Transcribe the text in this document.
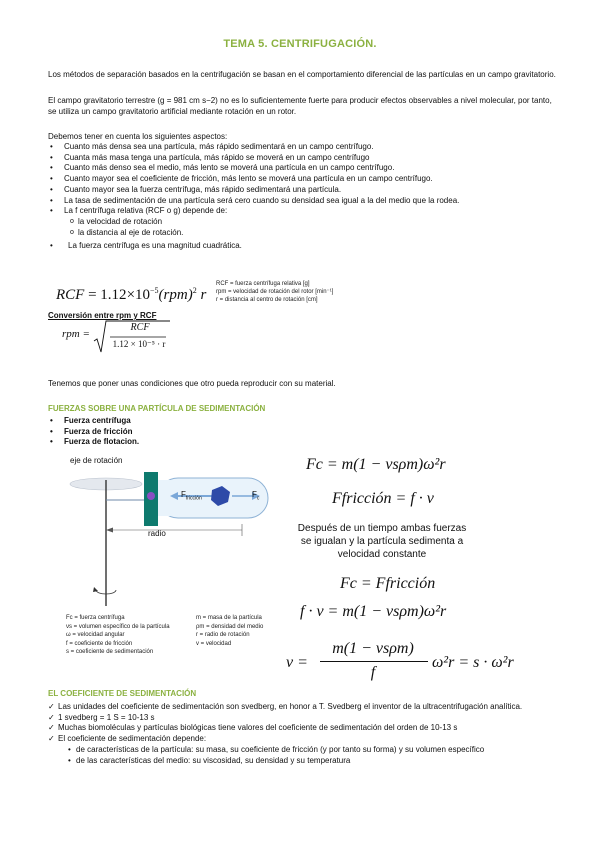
TEMA 5. CENTRIFUGACIÓN.
Los métodos de separación basados en la centrifugación se basan en el comportamiento diferencial de las partículas en un campo gravitatorio.
El campo gravitatorio terrestre (g = 981 cm s−2) no es lo suficientemente fuerte para producir efectos observables a nivel molecular, por tanto, se utiliza un campo gravitatorio artificial mediante rotación en un rotor.
Debemos tener en cuenta los siguientes aspectos:
• Cuanto más densa sea una partícula, más rápido sedimentará en un campo centrífugo.
• Cuanta más masa tenga una partícula, más rápido se moverá en un campo centrífugo
• Cuanto más denso sea el medio, más lento se moverá una partícula en un campo centrífugo.
• Cuanto mayor sea el coeficiente de fricción, más lento se moverá una partícula en un campo centrífugo.
• Cuanto mayor sea la fuerza centrífuga, más rápido sedimentará una partícula.
• La tasa de sedimentación de una partícula será cero cuando su densidad sea igual a la del medio que la rodea.
• La f centrífuga relativa (RCF o g) depende de:
o la velocidad de rotación
o la distancia al eje de rotación.
• La fuerza centrífuga es una magnitud cuadrática.
RCF = $1.12\times 10^{-5}(rpm)^2$ r
RCF = fuerza centrífuga relativa [g]
rpm = velocidad de rotación del rotor [min⁻¹]
r = distancia al centro de rotación [cm]
Conversión entre rpm y RCF
rpm =
RCF
1.12 × 10⁻⁵ · r
Tenemos que poner unas condiciones que otro pueda reproducir con su material.
FUERZAS SOBRE UNA PARTÍCULA DE SEDIMENTACIÓN
• Fuerza centrífuga
• Fuerza de fricción
• Fuerza de flotacion.
eje de rotación
$F_{fricción}$	$F_c$
radio
Fc = fuerza centrífuga
νs = volumen específico de la partícula
ω = velocidad angular
f = coeficiente de fricción
s = coeficiente de sedimentación
m = masa de la partícula
ρm = densidad del medio
r = radio de rotación
v = velocidad
Fc = m(1 − νsρm)ω²r
Ffricción = f · v
Después de un tiempo ambas fuerzas se igualan y la partícula sedimenta a velocidad constante
Fc = Ffricción
f · v = m(1 − νsρm)ω²r
v =
m(1 − νsρm)
f
ω²r = s · ω²r
EL COEFICIENTE DE SEDIMENTACIÓN
✓ Las unidades del coeficiente de sedimentación son svedberg, en honor a T. Svedberg el inventor de la ultracentrifugación analítica.
✓ 1 svedberg = 1 S = 10-13 s
✓ Muchas biomoléculas y partículas biológicas tiene valores del coeficiente de sedimentación del orden de 10-13 s
✓ El coeficiente de sedimentación depende:
• de características de la partícula: su masa, su coeficiente de fricción (y por tanto su forma) y su volumen específico
• de las características del medio: su viscosidad, su densidad y su temperatura
